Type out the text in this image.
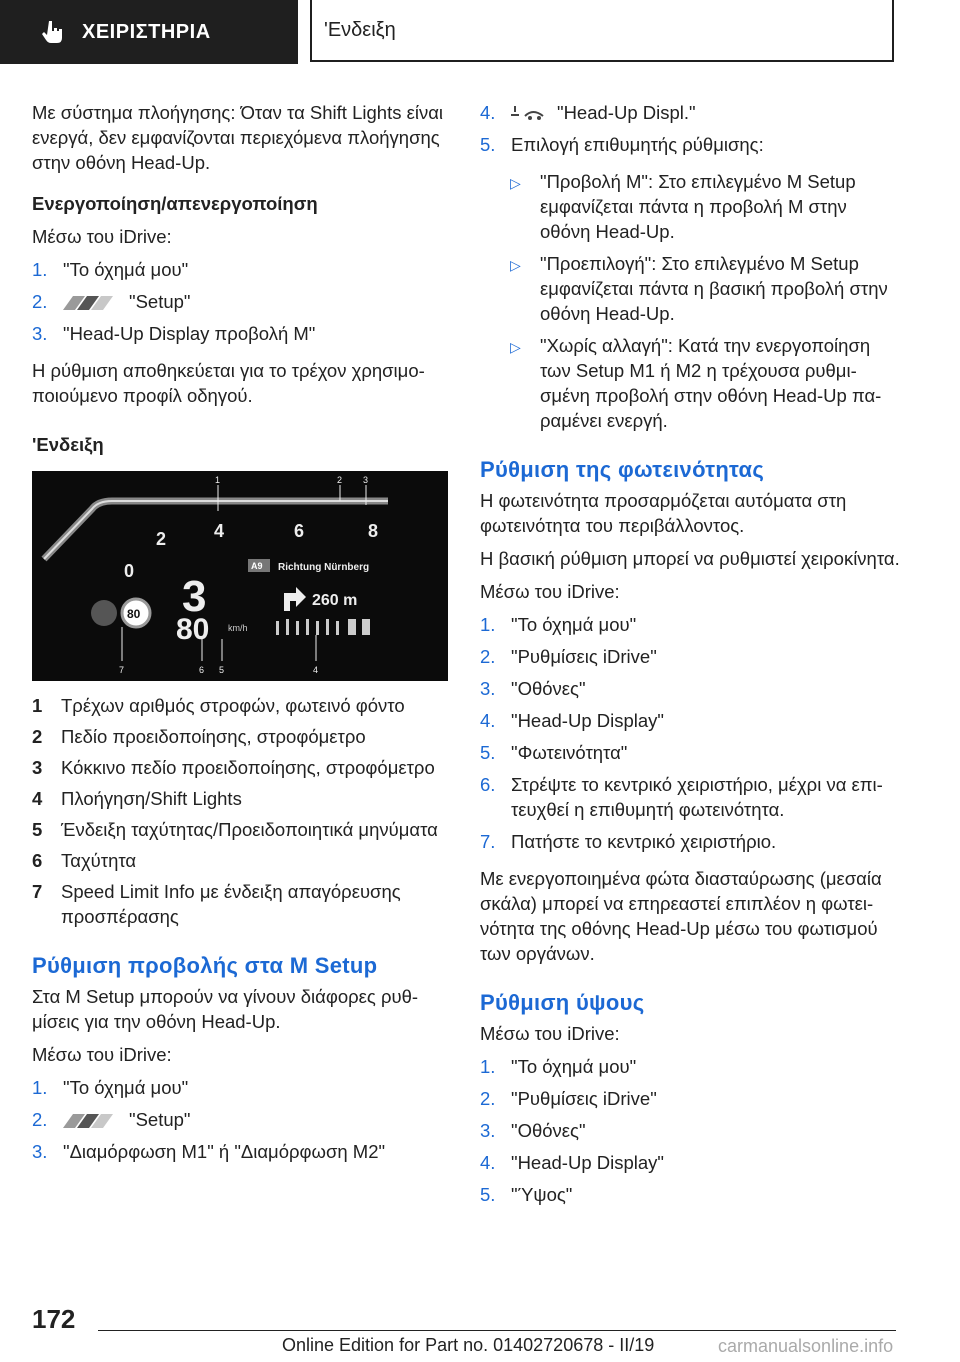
ΧΕΙΡΙΣΤΗΡΙΑ	'Ενδειξη

Με σύστημα πλοήγησης: Όταν τα Shift Lights είναι ενεργά, δεν εμφανίζονται περιεχόμενα πλοήγησης στην οθόνη Head-Up.

Ενεργοποίηση/απενεργοποίηση

Μέσω του iDrive:

1. "Το όχημά μου"
2.	"Setup"
3. "Head-Up Display προβολή M"

Η ρύθμιση αποθηκεύεται για το τρέχον χρησιμοποιούμενο προφίλ οδηγού.

'Ενδειξη

0
2	4	6	8
3
80 km/h
80
A9 Richtung Nürnberg
260 m
1	2 3
7	6 5	4
1	Τρέχων αριθμός στροφών, φωτεινό φόντο
2	Πεδίο προειδοποίησης, στροφόμετρο
3	Κόκκινο πεδίο προειδοποίησης, στροφόμετρο
4	Πλοήγηση/Shift Lights
5	Ένδειξη ταχύτητας/Προειδοποιητικά μηνύματα
6	Ταχύτητα
7	Speed Limit Info με ένδειξη απαγόρευσης προσπέρασης
Ρύθμιση προβολής στα M Setup

Στα M Setup μπορούν να γίνουν διάφορες ρυθμίσεις για την οθόνη Head-Up.

Μέσω του iDrive:

1. "Το όχημά μου"
2.	"Setup"
3. "Διαμόρφωση M1" ή "Διαμόρφωση M2"
4.	"Head-Up Displ."
5. Επιλογή επιθυμητής ρύθμισης:
▷	"Προβολή M": Στο επιλεγμένο M Setup εμφανίζεται πάντα η προβολή M στην οθόνη Head-Up.
▷	"Προεπιλογή": Στο επιλεγμένο M Setup εμφανίζεται πάντα η βασική προβολή στην οθόνη Head-Up.
▷	"Χωρίς αλλαγή": Κατά την ενεργοποίηση των Setup M1 ή M2 η τρέχουσα ρυθμισμένη προβολή στην οθόνη Head-Up παραμένει ενεργή.
Ρύθμιση της φωτεινότητας

Η φωτεινότητα προσαρμόζεται αυτόματα στη φωτεινότητα του περιβάλλοντος.

Η βασική ρύθμιση μπορεί να ρυθμιστεί χειροκίνητα.

Μέσω του iDrive:

1. "Το όχημά μου"
2. "Ρυθμίσεις iDrive"
3. "Οθόνες"
4. "Head-Up Display"
5. "Φωτεινότητα"
6. Στρέψτε το κεντρικό χειριστήριο, μέχρι να επιτευχθεί η επιθυμητή φωτεινότητα.
7. Πατήστε το κεντρικό χειριστήριο.

Με ενεργοποιημένα φώτα διασταύρωσης (μεσαία σκάλα) μπορεί να επηρεαστεί επιπλέον η φωτεινότητα της οθόνης Head-Up μέσω του φωτισμού των οργάνων.

Ρύθμιση ύψους

Μέσω του iDrive:

1. "Το όχημά μου"
2. "Ρυθμίσεις iDrive"
3. "Οθόνες"
4. "Head-Up Display"
5. "Ύψος"
172
Online Edition for Part no. 01402720678 - II/19	carmanualsonline.info
